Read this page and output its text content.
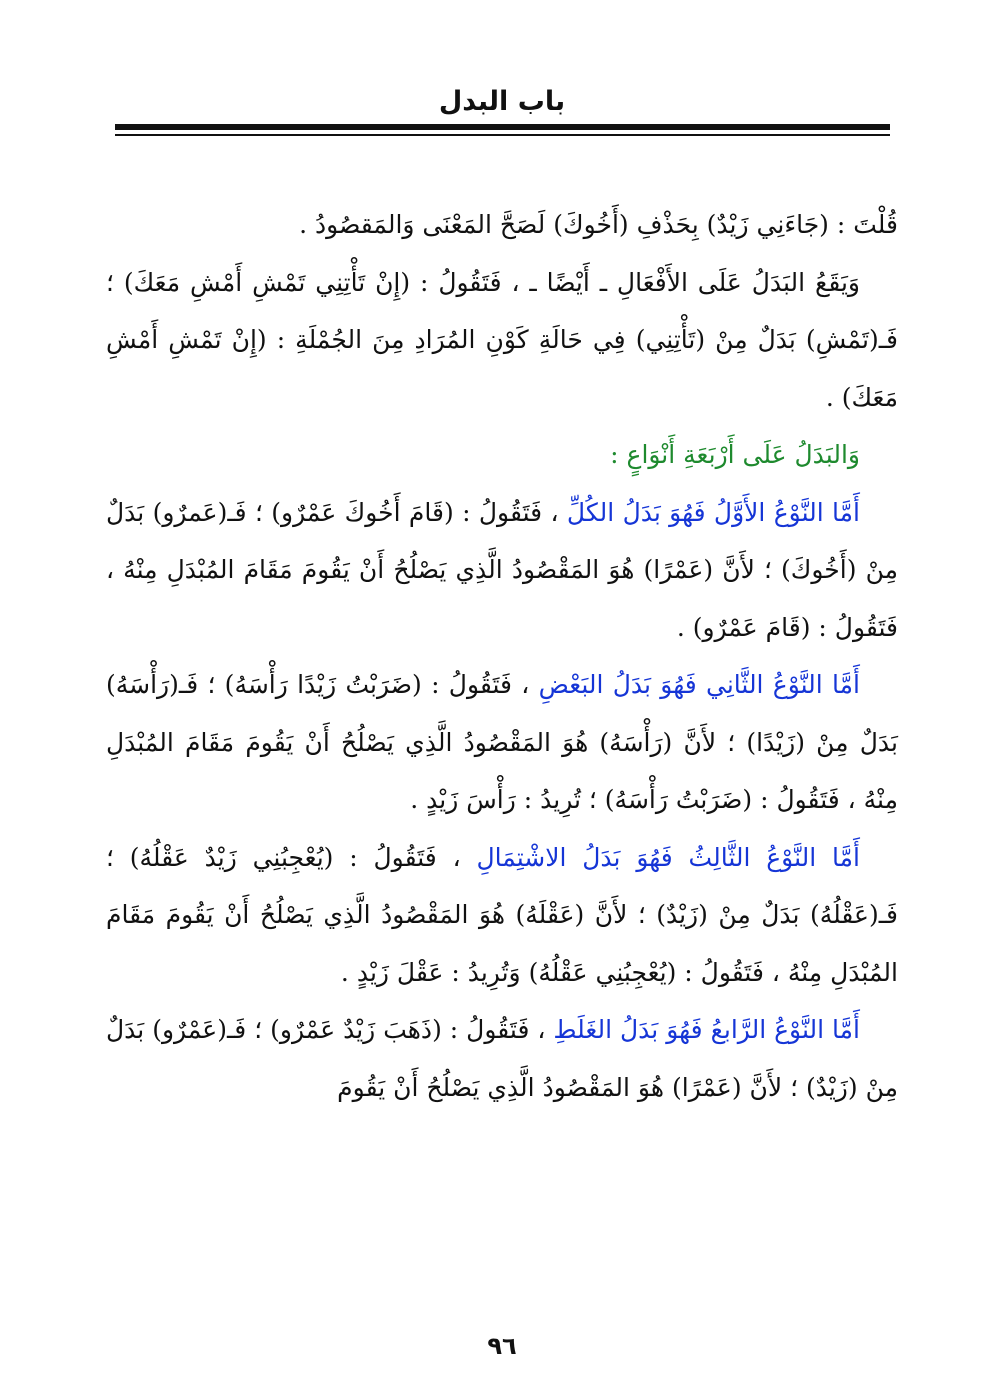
باب البدل

قُلْتَ : (جَاءَنِي زَيْدٌ) بِحَذْفِ (أَخُوكَ) لَصَحَّ المَعْنَى وَالمَقصُودُ .

وَيَقَعُ البَدَلُ عَلَى الأَفْعَالِ ـ أَيْضًا ـ ، فَتَقُولُ : (إِنْ تَأْتِنِي تَمْشِ أَمْشِ مَعَكَ) ؛ فَـ(تَمْشِ) بَدَلٌ مِنْ (تَأْتِنِي) فِي حَالَةِ كَوْنِ المُرَادِ مِنَ الجُمْلَةِ : (إِنْ تَمْشِ أَمْشِ مَعَكَ) .

وَالبَدَلُ عَلَى أَرْبَعَةِ أَنْوَاعٍ :

أَمَّا النَّوْعُ الأَوَّلُ فَهُوَ بَدَلُ الكُلِّ ، فَتَقُولُ : (قَامَ أَخُوكَ عَمْرٌو) ؛ فَـ(عَمرٌو) بَدَلٌ مِنْ (أَخُوكَ) ؛ لأَنَّ (عَمْرًا) هُوَ المَقْصُودُ الَّذِي يَصْلُحُ أَنْ يَقُومَ مَقَامَ المُبْدَلِ مِنْهُ ، فَتَقُولُ : (قَامَ عَمْرٌو) .

أَمَّا النَّوْعُ الثَّانِي فَهُوَ بَدَلُ البَعْضِ ، فَتَقُولُ : (ضَرَبْتُ زَيْدًا رَأْسَهُ) ؛ فَـ(رَأْسَهُ) بَدَلٌ مِنْ (زَيْدًا) ؛ لأَنَّ (رَأْسَهُ) هُوَ المَقْصُودُ الَّذِي يَصْلُحُ أَنْ يَقُومَ مَقَامَ المُبْدَلِ مِنْهُ ، فَتَقُولُ : (ضَرَبْتُ رَأْسَهُ) ؛ تُرِيدُ : رَأْسَ زَيْدٍ .

أَمَّا النَّوْعُ الثَّالِثُ فَهُوَ بَدَلُ الاشْتِمَالِ ، فَتَقُولُ : (يُعْجِبُنِي زَيْدٌ عَقْلُهُ) ؛ فَـ(عَقْلُهُ) بَدَلٌ مِنْ (زَيْدٌ) ؛ لأَنَّ (عَقْلَهُ) هُوَ المَقْصُودُ الَّذِي يَصْلُحُ أَنْ يَقُومَ مَقَامَ المُبْدَلِ مِنْهُ ، فَتَقُولُ : (يُعْجِبُنِي عَقْلُهُ) وَتُرِيدُ : عَقْلَ زَيْدٍ .

أَمَّا النَّوْعُ الرَّابعُ فَهُوَ بَدَلُ الغَلَطِ ، فَتَقُولُ : (ذَهَبَ زَيْدٌ عَمْرٌو) ؛ فَـ(عَمْرٌو) بَدَلٌ مِنْ (زَيْدٌ) ؛ لأَنَّ (عَمْرًا) هُوَ المَقْصُودُ الَّذِي يَصْلُحُ أَنْ يَقُومَ

٩٦
